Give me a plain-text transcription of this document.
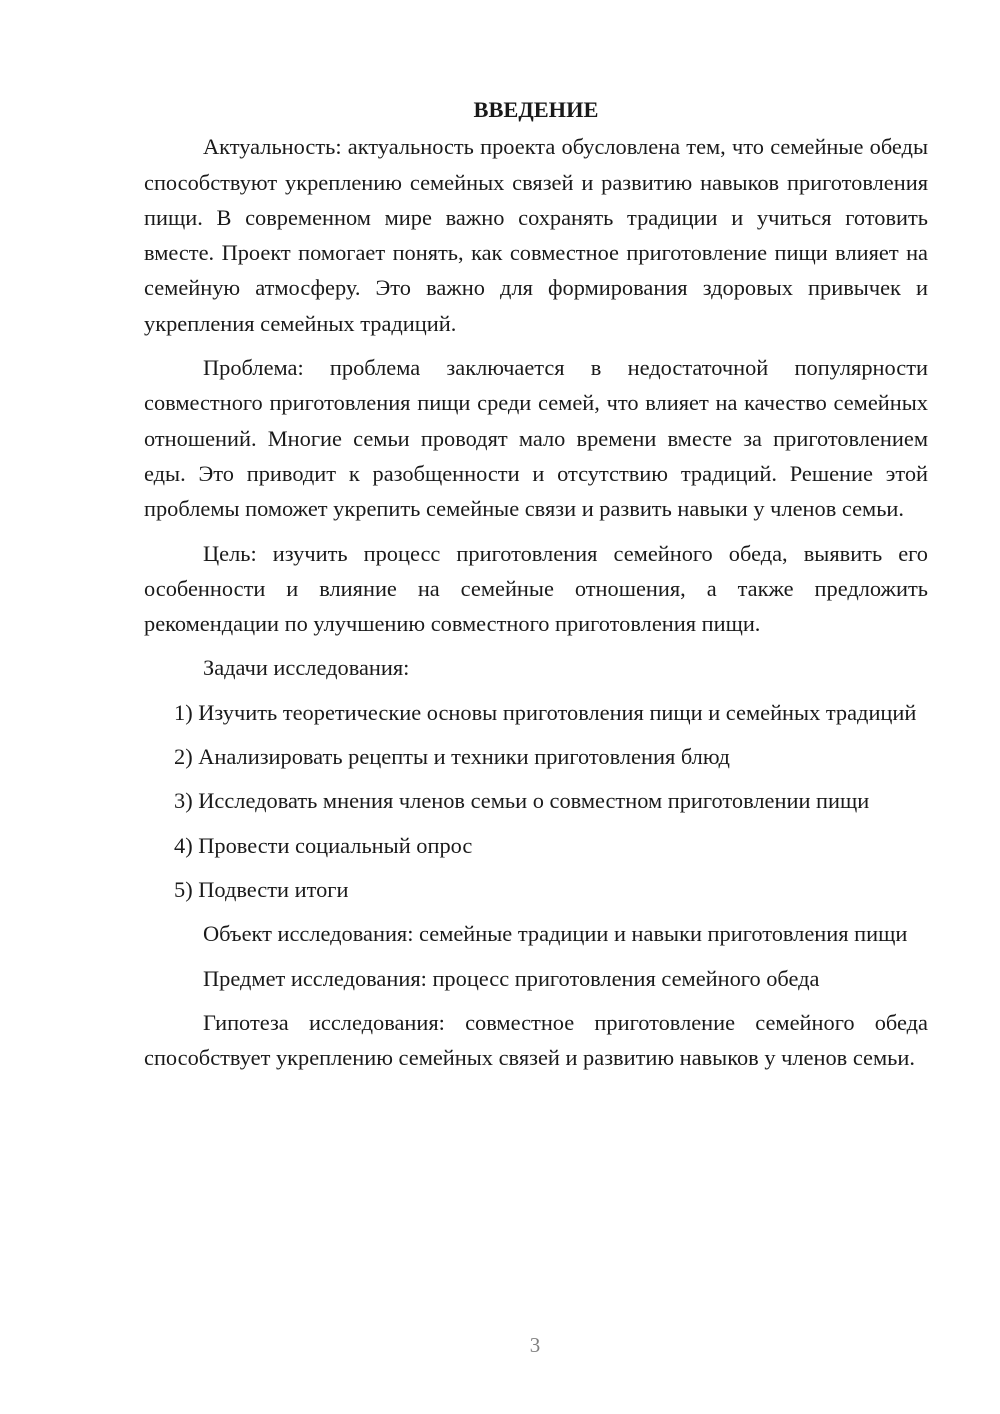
ВВЕДЕНИЕ

Актуальность: актуальность проекта обусловлена тем, что семейные обеды способствуют укреплению семейных связей и развитию навыков приготовления пищи. В современном мире важно сохранять традиции и учиться готовить вместе. Проект помогает понять, как совместное приготовление пищи влияет на семейную атмосферу. Это важно для формирования здоровых привычек и укрепления семейных традиций.

Проблема: проблема заключается в недостаточной популярности совместного приготовления пищи среди семей, что влияет на качество семейных отношений. Многие семьи проводят мало времени вместе за приготовлением еды. Это приводит к разобщенности и отсутствию традиций. Решение этой проблемы поможет укрепить семейные связи и развить навыки у членов семьи.

Цель: изучить процесс приготовления семейного обеда, выявить его особенности и влияние на семейные отношения, а также предложить рекомендации по улучшению совместного приготовления пищи.

Задачи исследования:

1) Изучить теоретические основы приготовления пищи и семейных традиций

2) Анализировать рецепты и техники приготовления блюд

3) Исследовать мнения членов семьи о совместном приготовлении пищи

4) Провести социальный опрос

5) Подвести итоги

Объект исследования: семейные традиции и навыки приготовления пищи

Предмет исследования: процесс приготовления семейного обеда

Гипотеза исследования: совместное приготовление семейного обеда способствует укреплению семейных связей и развитию навыков у членов семьи.

3
